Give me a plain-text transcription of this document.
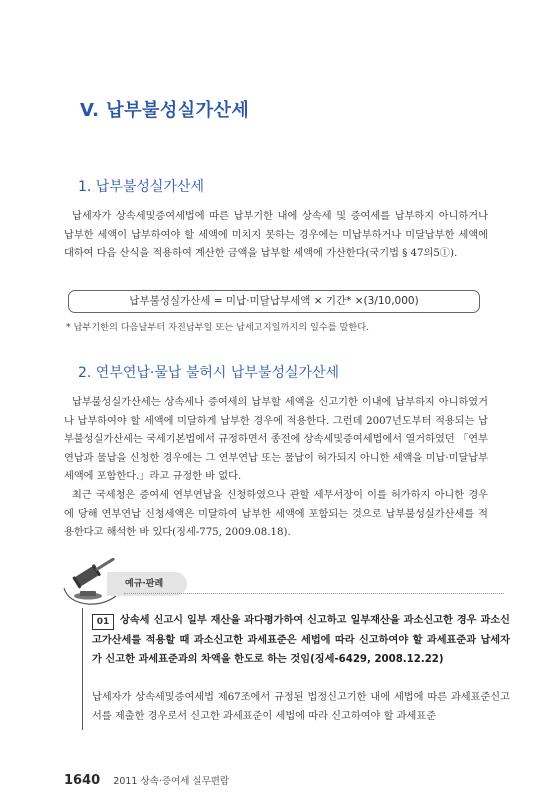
V. 납부불성실가산세
1. 납부불성실가산세

납세자가 상속세및증여세법에 따른 납부기한 내에 상속세 및 증여세를 납부하지 아니하거나 납부한 세액이 납부하여야 할 세액에 미치지 못하는 경우에는 미납부하거나 미달납부한 세액에 대하여 다음 산식을 적용하여 계산한 금액을 납부할 세액에 가산한다(국기법 § 47의5①).

납부불성실가산세 = 미납·미달납부세액 × 기간* ×(3/10,000)
* 납부기한의 다음날부터 자진납부일 또는 납세고지일까지의 일수를 말한다.
2. 연부연납·물납 불허시 납부불성실가산세

납부불성실가산세는 상속세나 증여세의 납부할 세액을 신고기한 이내에 납부하지 아니하였거나 납부하여야 할 세액에 미달하게 납부한 경우에 적용한다. 그런데 2007년도부터 적용되는 납부불성실가산세는 국세기본법에서 규정하면서 종전에 상속세및증여세법에서 열거하였던 「연부연납과 물납을 신청한 경우에는 그 연부연납 또는 물납이 허가되지 아니한 세액을 미납·미달납부세액에 포함한다.」라고 규정한 바 없다.

최근 국세청은 증여세 연부연납을 신청하였으나 관할 세무서장이 이를 허가하지 아니한 경우에 당해 연부연납 신청세액은 미달하여 납부한 세액에 포함되는 것으로 납부불성실가산세를 적용한다고 해석한 바 있다(징세-775, 2009.08.18).

예규·판례

상속세 신고시 일부 재산을 과다평가하여 신고하고 일부재산을 과소신고한 경우 과소신고가산세를 적용할 때 과소신고한 과세표준은 세법에 따라 신고하여야 할 과세표준과 납세자가 신고한 과세표준과의 차액을 한도로 하는 것임(징세-6429, 2008.12.22)

01

납세자가 상속세및증여세법 제67조에서 규정된 법정신고기한 내에 세법에 따른 과세표준신고서를 제출한 경우로서 신고한 과세표준이 세법에 따라 신고하여야 할 과세표준

1640 2011 상속·증여세 실무편람
